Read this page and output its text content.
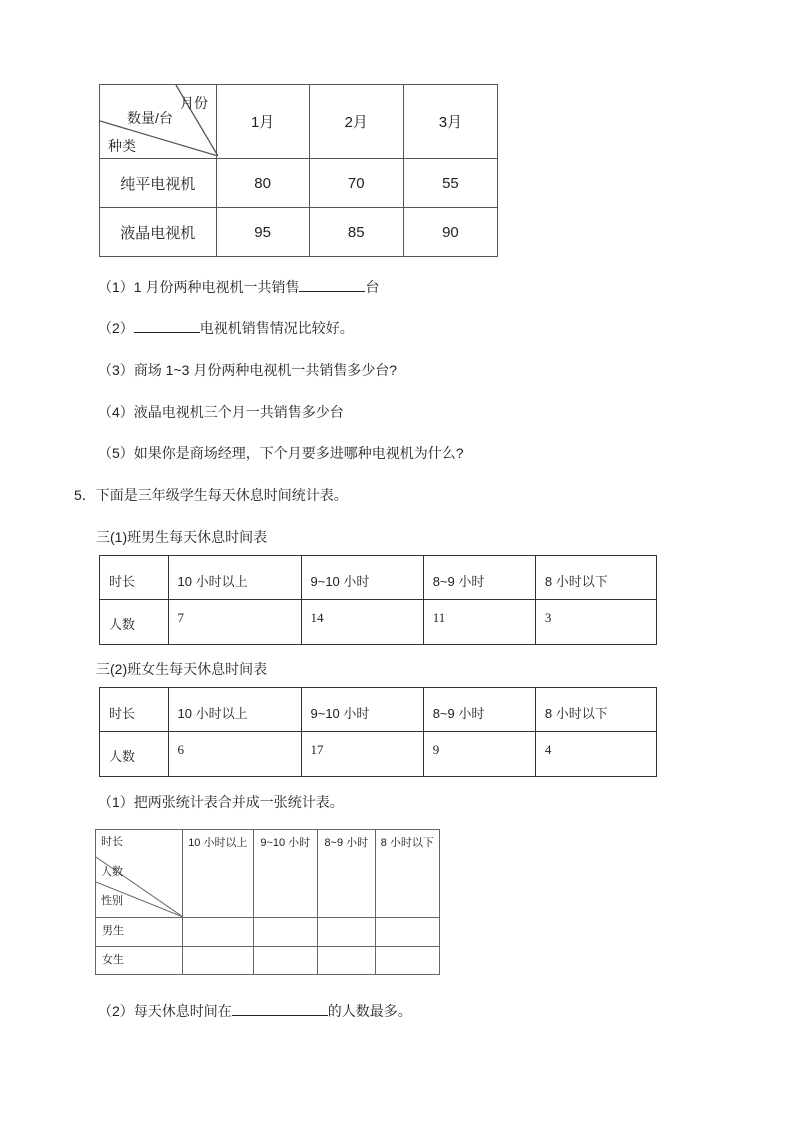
月份
数量/台
种类	1月	2月	3月
纯平电视机	80	70	55
液晶电视机	95	85	90
（1）1 月份两种电视机一共销售	台
（2）	电视机销售情况比较好。
（3）商场 1~3 月份两种电视机一共销售多少台?
（4）液晶电视机三个月一共销售多少台
（5）如果你是商场经理，下个月要多进哪种电视机为什么?
5．下面是三年级学生每天休息时间统计表。
三(1)班男生每天休息时间表
时长	10 小时以上	9~10 小时	8~9 小时	8 小时以下

人数	7	14	11	3
三(2)班女生每天休息时间表
时长	10 小时以上	9~10 小时	8~9 小时	8 小时以下

人数	6	17	9	4
（1）把两张统计表合并成一张统计表。
时长
人数
性别	10 小时以上	9~10 小时	8~9 小时	8 小时以下
男生				
女生				
（2）每天休息时间在	的人数最多。
